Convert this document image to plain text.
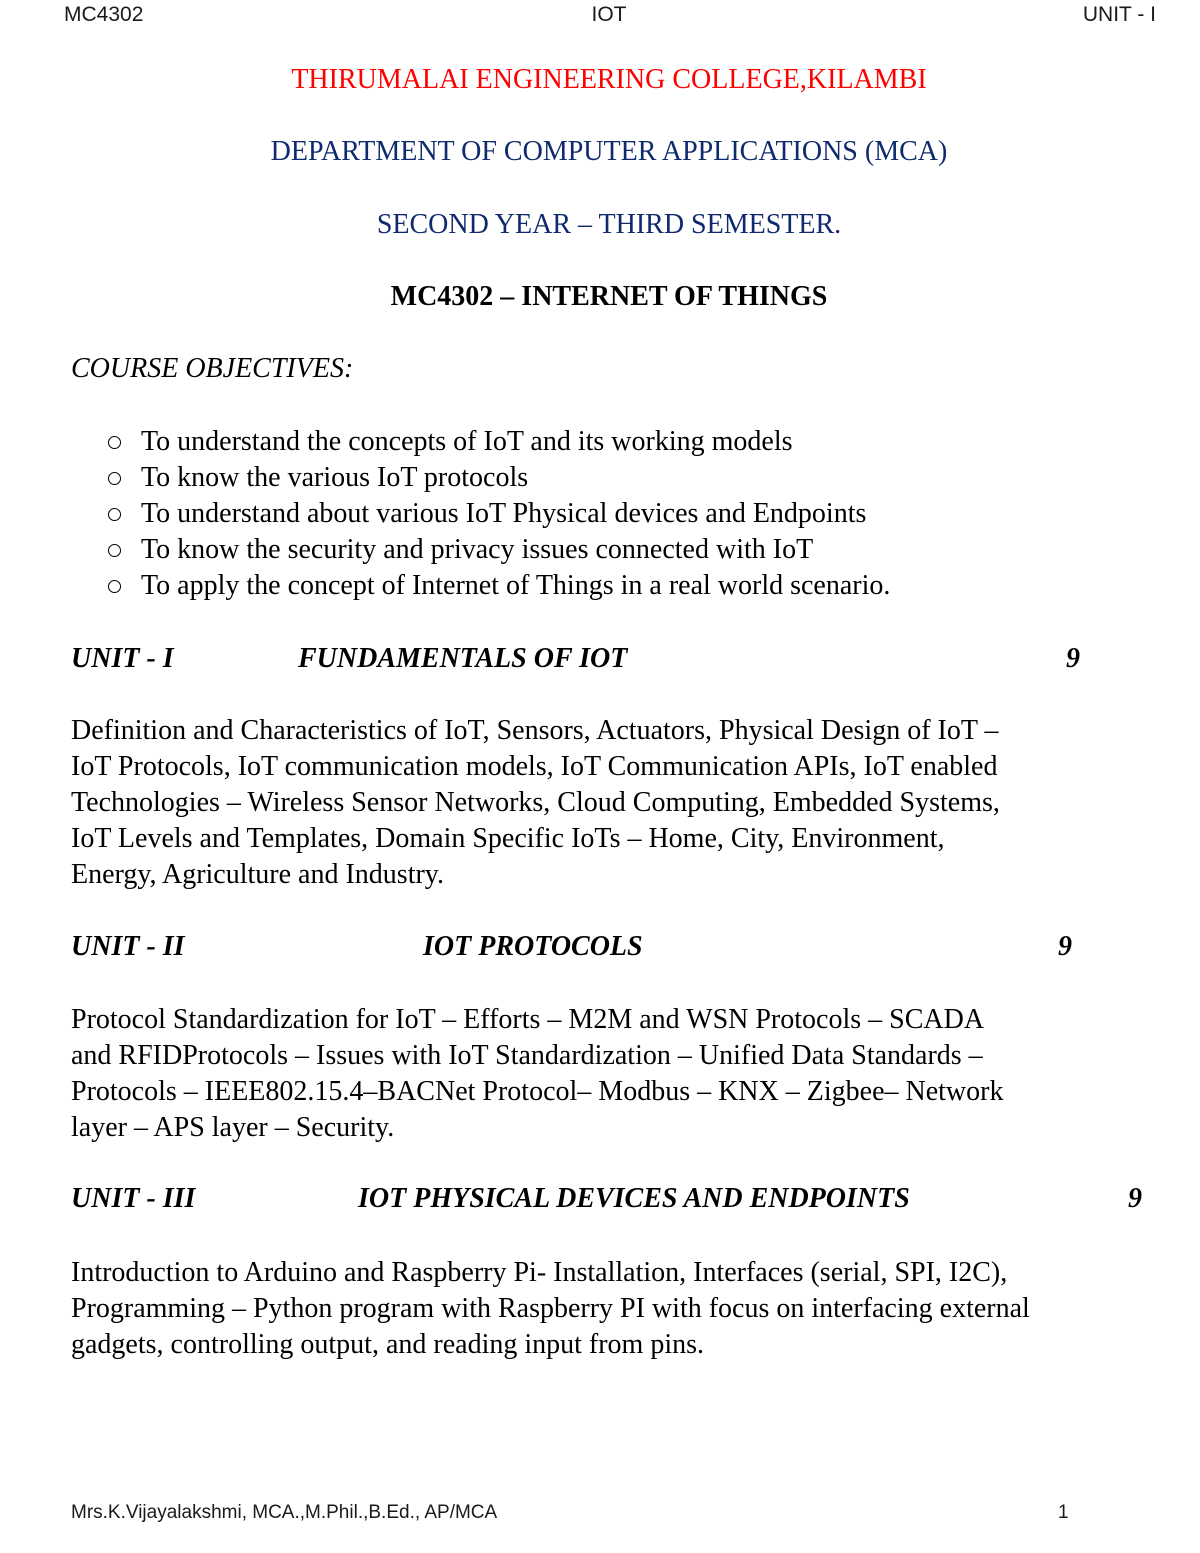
MC4302	IOT	UNIT - I
THIRUMALAI ENGINEERING COLLEGE,KILAMBI
DEPARTMENT OF COMPUTER APPLICATIONS (MCA)
SECOND YEAR – THIRD SEMESTER.
MC4302 – INTERNET OF THINGS
COURSE OBJECTIVES:
To understand the concepts of IoT and its working models
To know the various IoT protocols
To understand about various IoT Physical devices and Endpoints
To know the security and privacy issues connected with IoT
To apply the concept of Internet of Things in a real world scenario.
UNIT - I	FUNDAMENTALS OF IOT	9
Definition and Characteristics of IoT, Sensors, Actuators, Physical Design of IoT –
IoT Protocols, IoT communication models, IoT Communication APIs, IoT enabled
Technologies – Wireless Sensor Networks, Cloud Computing, Embedded Systems,
IoT Levels and Templates, Domain Specific IoTs – Home, City, Environment,
Energy, Agriculture and Industry.
UNIT - II	IOT PROTOCOLS	9
Protocol Standardization for IoT – Efforts – M2M and WSN Protocols – SCADA
and RFIDProtocols – Issues with IoT Standardization – Unified Data Standards –
Protocols – IEEE802.15.4–BACNet Protocol– Modbus – KNX – Zigbee– Network
layer – APS layer – Security.
UNIT - III	IOT PHYSICAL DEVICES AND ENDPOINTS	9
Introduction to Arduino and Raspberry Pi- Installation, Interfaces (serial, SPI, I2C),
Programming – Python program with Raspberry PI with focus on interfacing external
gadgets, controlling output, and reading input from pins.
Mrs.K.Vijayalakshmi, MCA.,M.Phil.,B.Ed., AP/MCA	1
